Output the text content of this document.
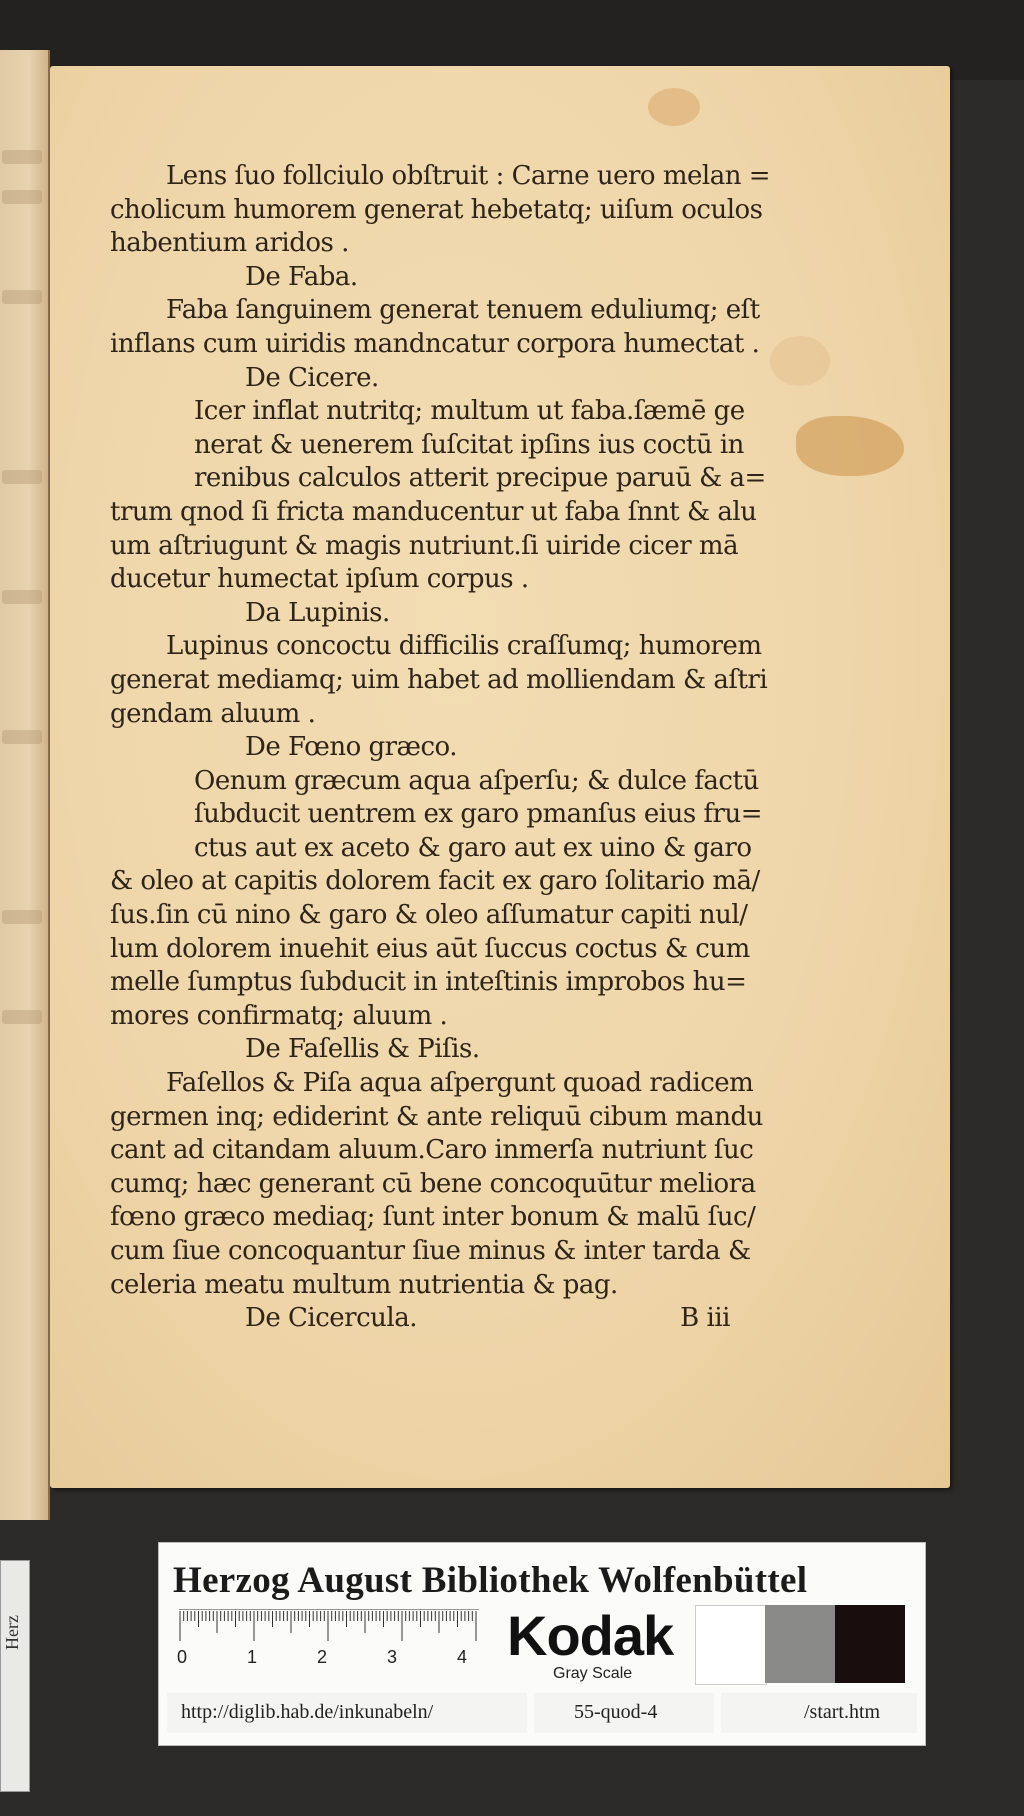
Lens ſuo follciulo obſtruit : Carne uero melan =
cholicum humorem generat hebetatq; uiſum oculos
habentium aridos .
De Faba.
Faba ſanguinem generat tenuem eduliumq; eſt
inflans cum uiridis mandncatur corpora humectat .
De Cicere.
Icer inflat nutritq; multum ut faba.ſæmē ge
nerat & uenerem ſuſcitat ipſins ius coctū in
renibus calculos atterit precipue paruū & a=
trum qnod ſi fricta manducentur ut faba ſnnt & alu
um aſtriugunt & magis nutriunt.ſi uiride cicer mā
ducetur humectat ipſum corpus .
Da Lupinis.
Lupinus concoctu difficilis craſſumq; humorem
generat mediamq; uim habet ad molliendam & aſtri
gendam aluum .
De Fœno græco.
Oenum græcum aqua aſperſu; & dulce factū
ſubducit uentrem ex garo pmanſus eius fru=
ctus aut ex aceto & garo aut ex uino & garo
& oleo at capitis dolorem facit ex garo ſolitario mā/
ſus.ſin cū nino & garo & oleo aſſumatur capiti nul/
lum dolorem inuehit eius aūt ſuccus coctus & cum
melle ſumptus ſubducit in inteſtinis improbos hu=
mores confirmatq; aluum .
De Faſellis & Piſis.
Faſellos & Piſa aqua aſpergunt quoad radicem
germen inq; ediderint & ante reliquū cibum mandu
cant ad citandam aluum.Caro inmerſa nutriunt ſuc
cumq; hæc generant cū bene concoquūtur meliora
fœno græco mediaq; ſunt inter bonum & malū ſuc/
cum ſiue concoquantur ſiue minus & inter tarda &
celeria meatu multum nutrientia & pag.
De Cicercula.	B iii
Herzog August Bibliothek Wolfenbüttel
0	1	2	3	4 Kodak
Gray Scale
http://diglib.hab.de/inkunabeln/	55-quod-4	/start.htm
Herz
